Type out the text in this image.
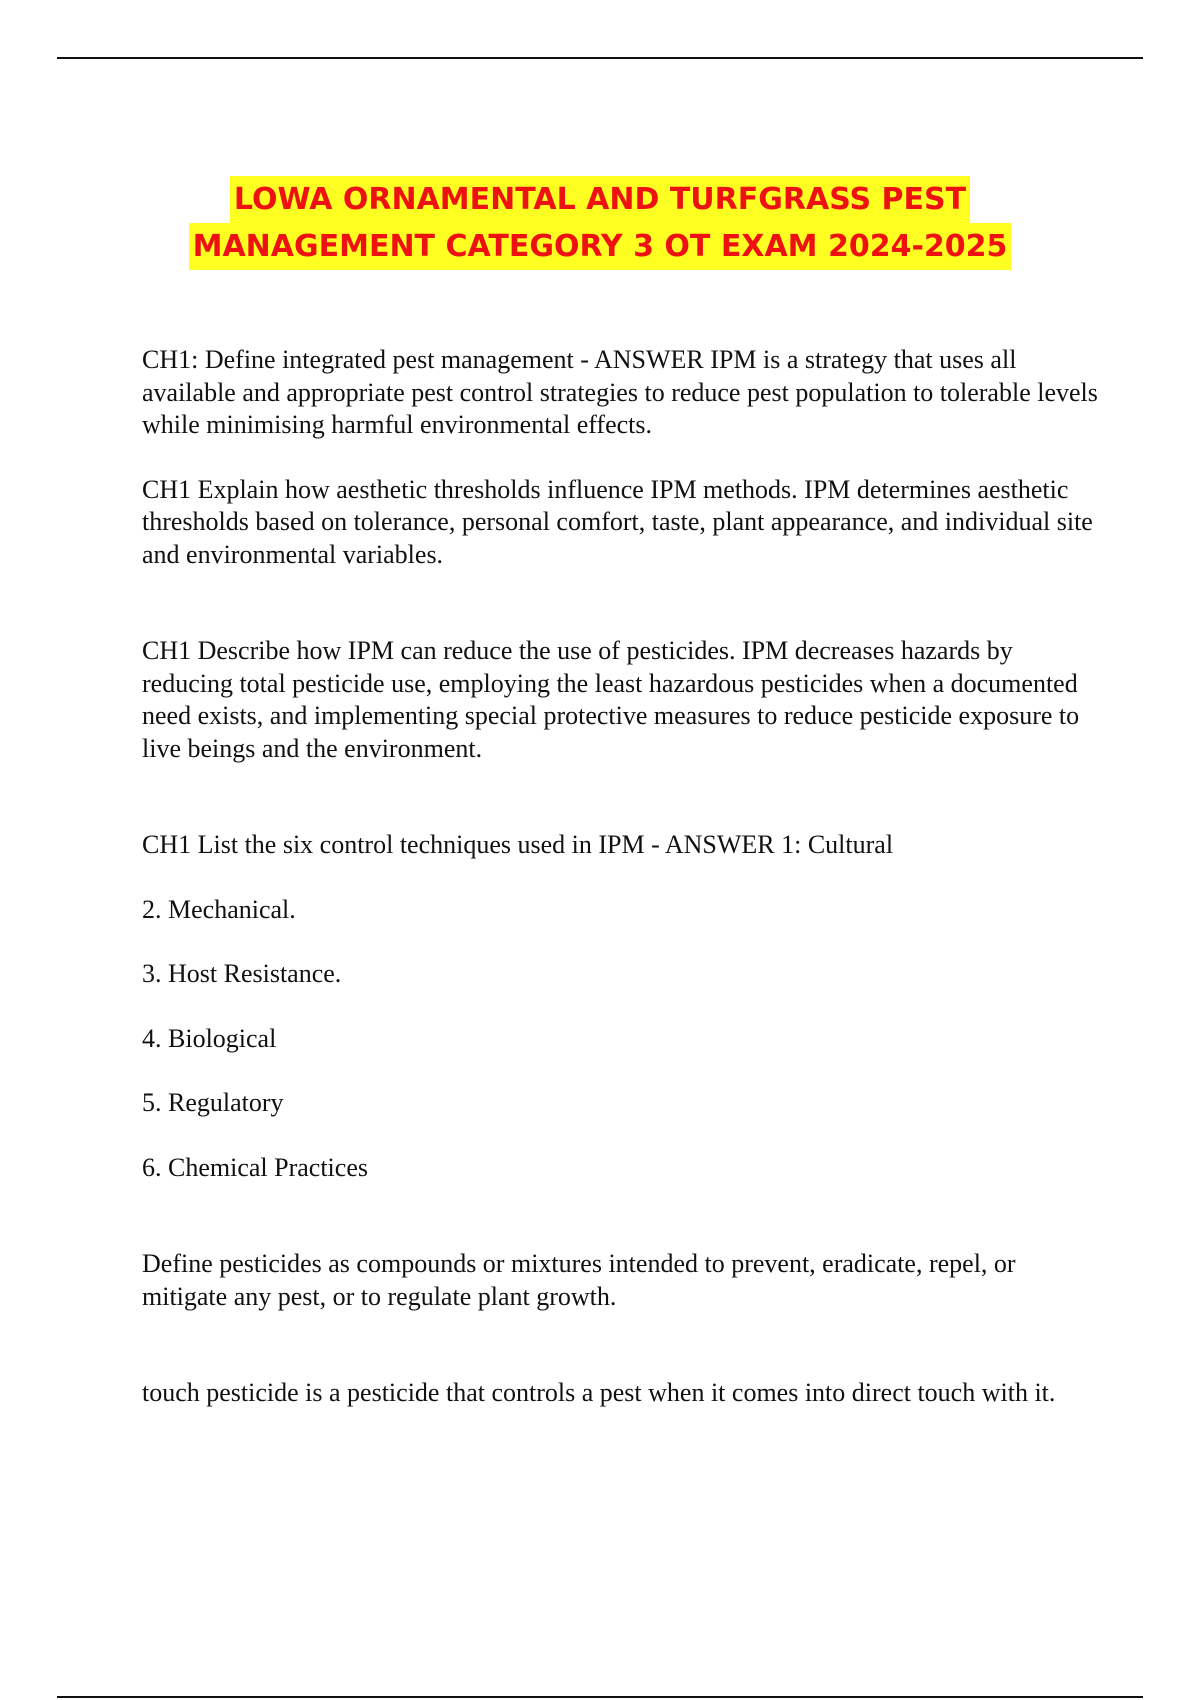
LOWA ORNAMENTAL AND TURFGRASS PEST
MANAGEMENT CATEGORY 3 OT EXAM 2024-2025

CH1: Define integrated pest management - ANSWER IPM is a strategy that uses all available and appropriate pest control strategies to reduce pest population to tolerable levels while minimising harmful environmental effects.

CH1 Explain how aesthetic thresholds influence IPM methods. IPM determines aesthetic thresholds based on tolerance, personal comfort, taste, plant appearance, and individual site and environmental variables.

CH1 Describe how IPM can reduce the use of pesticides. IPM decreases hazards by reducing total pesticide use, employing the least hazardous pesticides when a documented need exists, and implementing special protective measures to reduce pesticide exposure to live beings and the environment.

CH1 List the six control techniques used in IPM - ANSWER 1: Cultural

2. Mechanical.

3. Host Resistance.

4. Biological

5. Regulatory

6. Chemical Practices

Define pesticides as compounds or mixtures intended to prevent, eradicate, repel, or mitigate any pest, or to regulate plant growth.

touch pesticide is a pesticide that controls a pest when it comes into direct touch with it.
